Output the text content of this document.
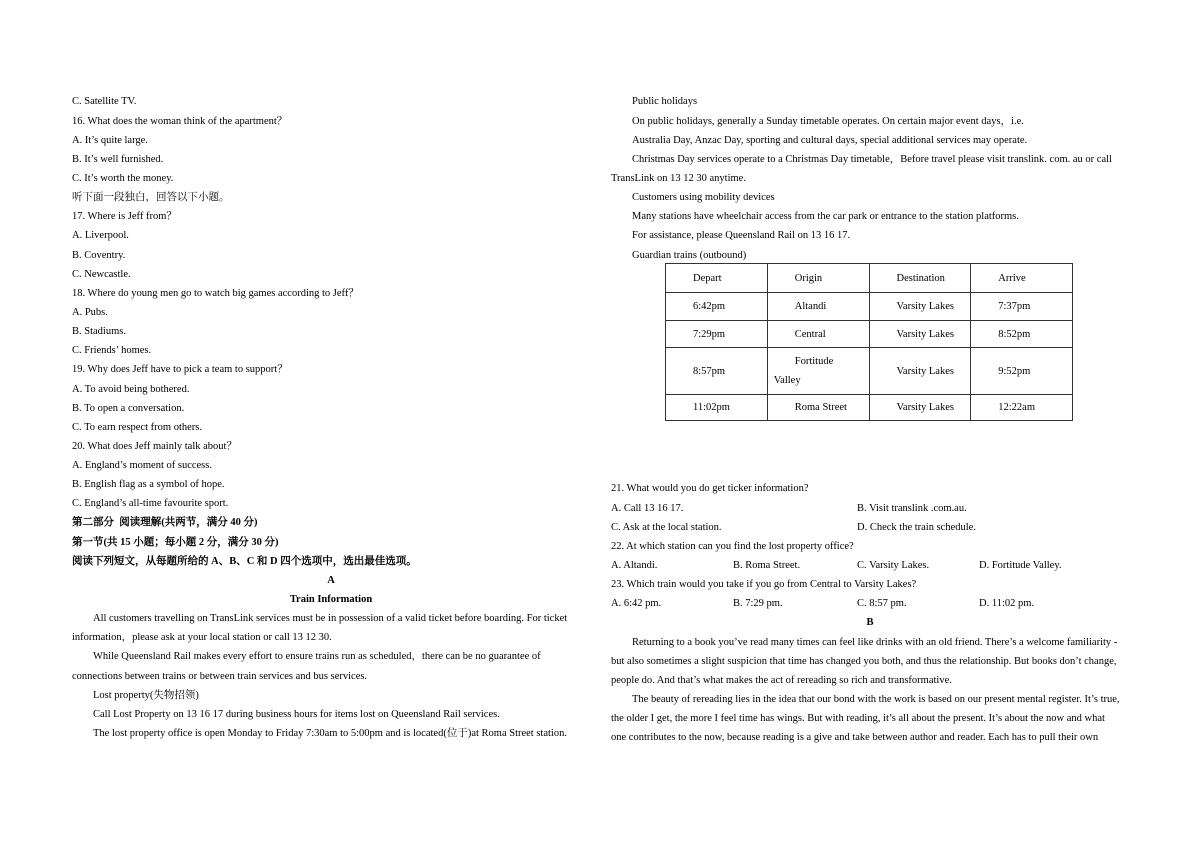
C. Satellite TV.
16. What does the woman think of the apartment？
A. It’s quite large.
B. It’s well furnished.
C. It’s worth the money.
听下面一段独白，回答以下小题。
17. Where is Jeff from？
A. Liverpool.
B. Coventry.
C. Newcastle.
18. Where do young men go to watch big games according to Jeff？
A. Pubs.
B. Stadiums.
C. Friends’ homes.
19. Why does Jeff have to pick a team to support？
A. To avoid being bothered.
B. To open a conversation.
C. To earn respect from others.
20. What does Jeff mainly talk about？
A. England’s moment of success.
B. English flag as a symbol of hope.
C. England’s all-time favourite sport.
第二部分  阅读理解(共两节，满分 40 分)
第一节(共 15 小题；每小题 2 分，满分 30 分)
阅读下列短文，从每题所给的 A、B、C 和 D 四个选项中，选出最佳选项。
A
Train Information
All customers travelling on TransLink services must be in possession of a valid ticket before boarding. For ticket
information，please ask at your local station or call 13 12 30.
While Queensland Rail makes every effort to ensure trains run as scheduled，there can be no guarantee of
connections between trains or between train services and bus services.
Lost property(失物招领)
Call Lost Property on 13 16 17 during business hours for items lost on Queensland Rail services.
The lost property office is open Monday to Friday 7:30am to 5:00pm and is located(位于)at Roma Street station.
Public holidays
On public holidays, generally a Sunday timetable operates. On certain major event days，i.e.
Australia Day, Anzac Day, sporting and cultural days, special additional services may operate.
Christmas Day services operate to a Christmas Day timetable，Before travel please visit translink. com. au or call
TransLink on 13 12 30 anytime.
Customers using mobility devices
Many stations have wheelchair access from the car park or entrance to the station platforms.
For assistance, please Queensland Rail on 13 16 17.
Guardian trains (outbound)
Depart	Origin	Destination	Arrive
6:42pm	Altandi	Varsity Lakes	7:37pm
7:29pm	Central	Varsity Lakes	8:52pm
8:57pm	Fortitude Valley	Varsity Lakes	9:52pm
11:02pm	Roma Street	Varsity Lakes	12:22am
21. What would you do get ticker information?
A. Call 13 16 17.	B. Visit translink .com.au.
C. Ask at the local station.	D. Check the train schedule.
22. At which station can you find the lost property office?
A. Altandi.	B. Roma Street.	C. Varsity Lakes.	D. Fortitude Valley.
23. Which train would you take if you go from Central to Varsity Lakes?
A. 6:42 pm.	B. 7:29 pm.	C. 8:57 pm.	D. 11:02 pm.
B
Returning to a book you’ve read many times can feel like drinks with an old friend. There’s a welcome familiarity -
but also sometimes a slight suspicion that time has changed you both, and thus the relationship. But books don’t change,
people do. And that’s what makes the act of rereading so rich and transformative.
The beauty of rereading lies in the idea that our bond with the work is based on our present mental register. It’s true,
the older I get, the more I feel time has wings. But with reading, it’s all about the present. It’s about the now and what
one contributes to the now, because reading is a give and take between author and reader. Each has to pull their own
